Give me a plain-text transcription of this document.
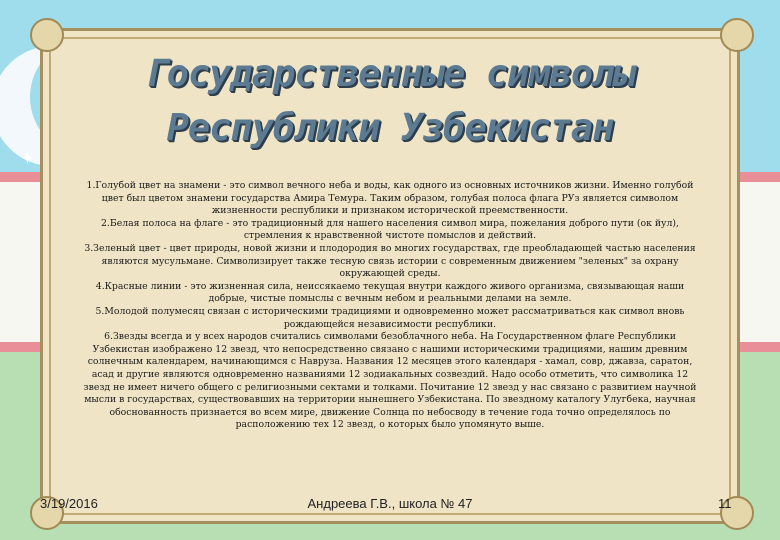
✦
Государственные символы
Республики Узбекистан

1.Голубой цвет на знамени - это символ вечного неба и воды, как одного из основных источников жизни. Именно голубой цвет был цветом знамени государства Амира Темура. Таким образом, голубая полоса флага РУз является символом жизненности республики и признаком исторической преемственности.

2.Белая полоса на флаге - это традиционный для нашего населения символ мира, пожелания доброго пути (ок йул), стремления к нравственной чистоте помыслов и действий.

3.Зеленый цвет - цвет природы, новой жизни и плодородия во многих государствах, где преобладающей частью населения являются мусульмане. Символизирует также тесную связь истории с современным движением "зеленых" за охрану окружающей среды.

4.Красные линии - это жизненная сила, неиссякаемо текущая внутри каждого живого организма, связывающая наши добрые, чистые помыслы с вечным небом и реальными делами на земле.

5.Молодой полумесяц связан с историческими традициями и одновременно может рассматриваться как символ вновь рождающейся независимости республики.

6.Звезды всегда и у всех народов считались символами безоблачного неба. На Государственном флаге Республики Узбекистан изображено 12 звезд, что непосредственно связано с нашими историческими традициями, нашим древним солнечным календарем, начинающимся с Навруза. Названия 12 месяцев этого календаря - хамал, совр, джавза, саратон, асад и другие являются одновременно названиями 12 зодиакальных созвездий. Надо особо отметить, что символика 12 звезд не имеет ничего общего с религиозными сектами и толками. Почитание 12 звезд у нас связано с развитием научной мысли в государствах, существовавших на территории нынешнего Узбекистана. По звездному каталогу Улугбека, научная обоснованность признается во всем мире, движение Солнца по небосводу в течение года точно определялось по расположению тех 12 звезд, о которых было упомянуто выше.

3/19/2016	Андреева Г.В., школа № 47	11
